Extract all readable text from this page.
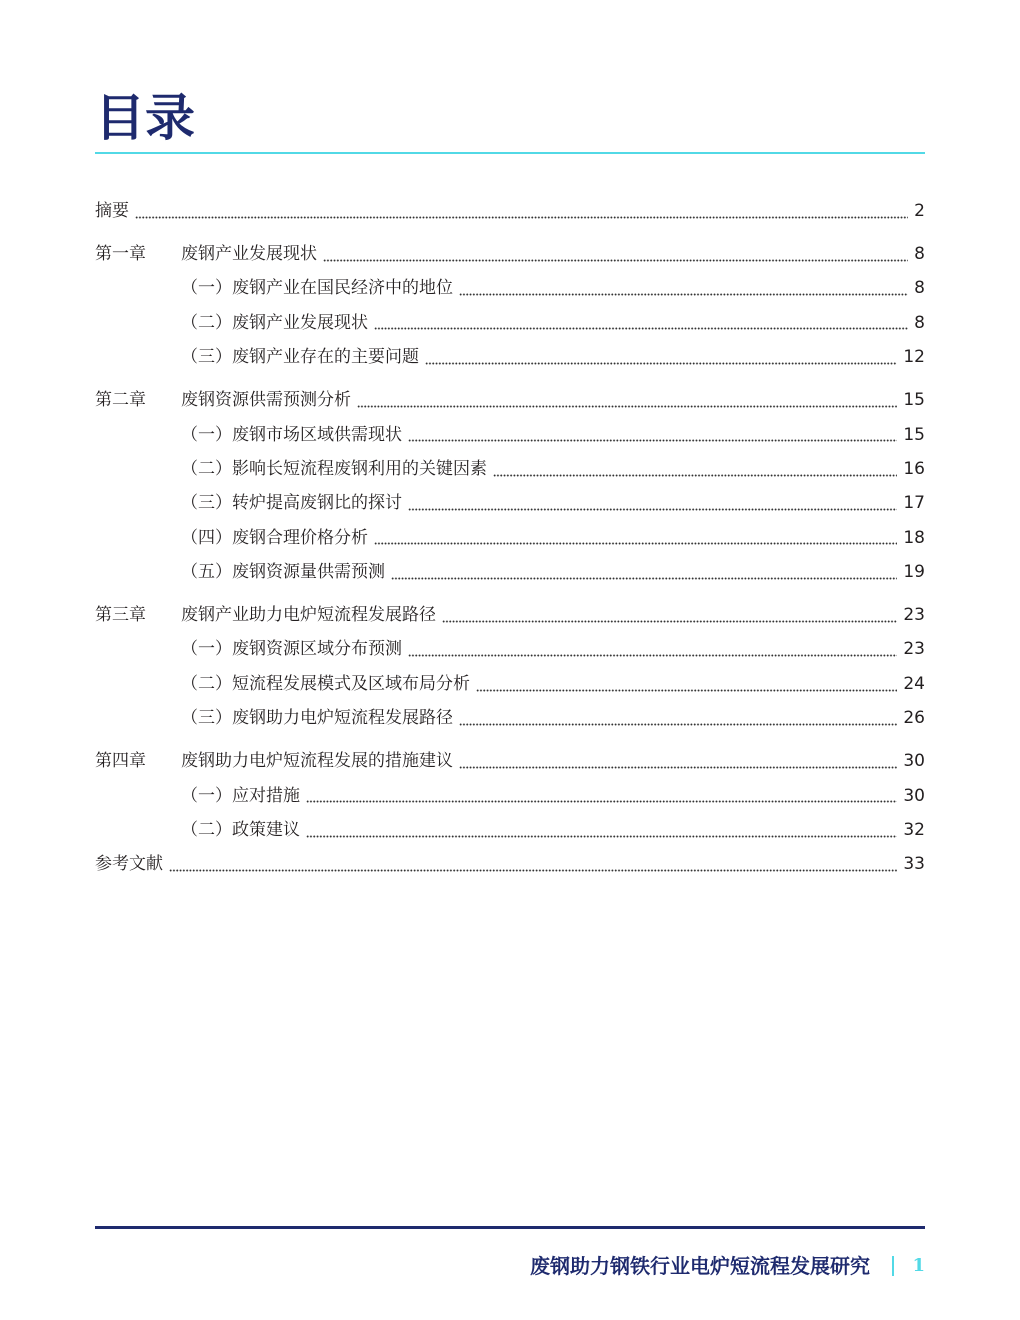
目录
摘要	2
第一章	废钢产业发展现状	8
（一） 废钢产业在国民经济中的地位	8
（二） 废钢产业发展现状	8
（三） 废钢产业存在的主要问题	12
第二章	废钢资源供需预测分析	15
（一） 废钢市场区域供需现状	15
（二） 影响长短流程废钢利用的关键因素	16
（三） 转炉提高废钢比的探讨	17
（四） 废钢合理价格分析	18
（五） 废钢资源量供需预测	19
第三章	废钢产业助力电炉短流程发展路径	23
（一） 废钢资源区域分布预测	23
（二） 短流程发展模式及区域布局分析	24
（三） 废钢助力电炉短流程发展路径	26
第四章	废钢助力电炉短流程发展的措施建议	30
（一） 应对措施	30
（二） 政策建议	32
参考文献	33
废钢助力钢铁行业电炉短流程发展研究 1
